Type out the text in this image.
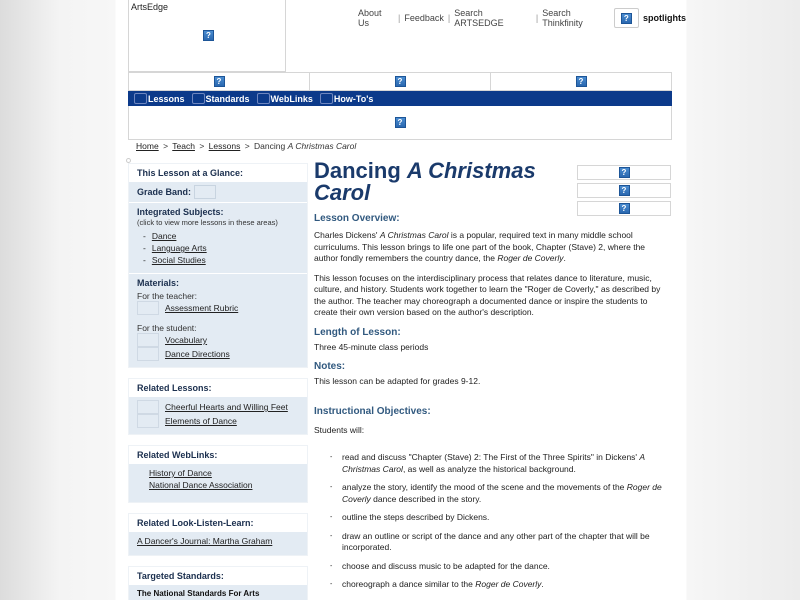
ArtsEdge
?
About Us	| Feedback | Search ARTSEDGE	| Search Thinkfinity	?	spotlights
?	?	?
Lessons Standards WebLinks How-To's
?
Home > Teach > Lessons > Dancing A Christmas Carol
This Lesson at a Glance:
Grade Band:
Integrated Subjects:
(click to view more lessons in these areas)
- Dance
- Language Arts
- Social Studies
Materials:
For the teacher:
Assessment Rubric
For the student:
Vocabulary
Dance Directions
Related Lessons:
Cheerful Hearts and Willing Feet
Elements of Dance
Related WebLinks:
History of Dance
National Dance Association
Related Look-Listen-Learn:
A Dancer's Journal: Martha Graham
Targeted Standards:
The National Standards For Arts
?
?
?
Dancing A Christmas
Carol
Lesson Overview:

Charles Dickens' A Christmas Carol is a popular, required text in many middle school curriculums. This lesson brings to life one part of the book, Chapter (Stave) 2, where the author fondly remembers the country dance, the Roger de Coverly.

This lesson focuses on the interdisciplinary process that relates dance to literature, music, culture, and history. Students work together to learn the "Roger de Coverly," as described by the author. The teacher may choreograph a documented dance or inspire the students to create their own version based on the author's description.

Length of Lesson:

Three 45-minute class periods

Notes:

This lesson can be adapted for grades 9-12.

Instructional Objectives:

Students will:

- read and discuss "Chapter (Stave) 2: The First of the Three Spirits" in Dickens' A Christmas Carol, as well as analyze the historical background.
- analyze the story, identify the mood of the scene and the movements of the Roger de Coverly dance described in the story.
- outline the steps described by Dickens.
- draw an outline or script of the dance and any other part of the chapter that will be incorporated.
- choose and discuss music to be adapted for the dance.
- choreograph a dance similar to the Roger de Coverly.
